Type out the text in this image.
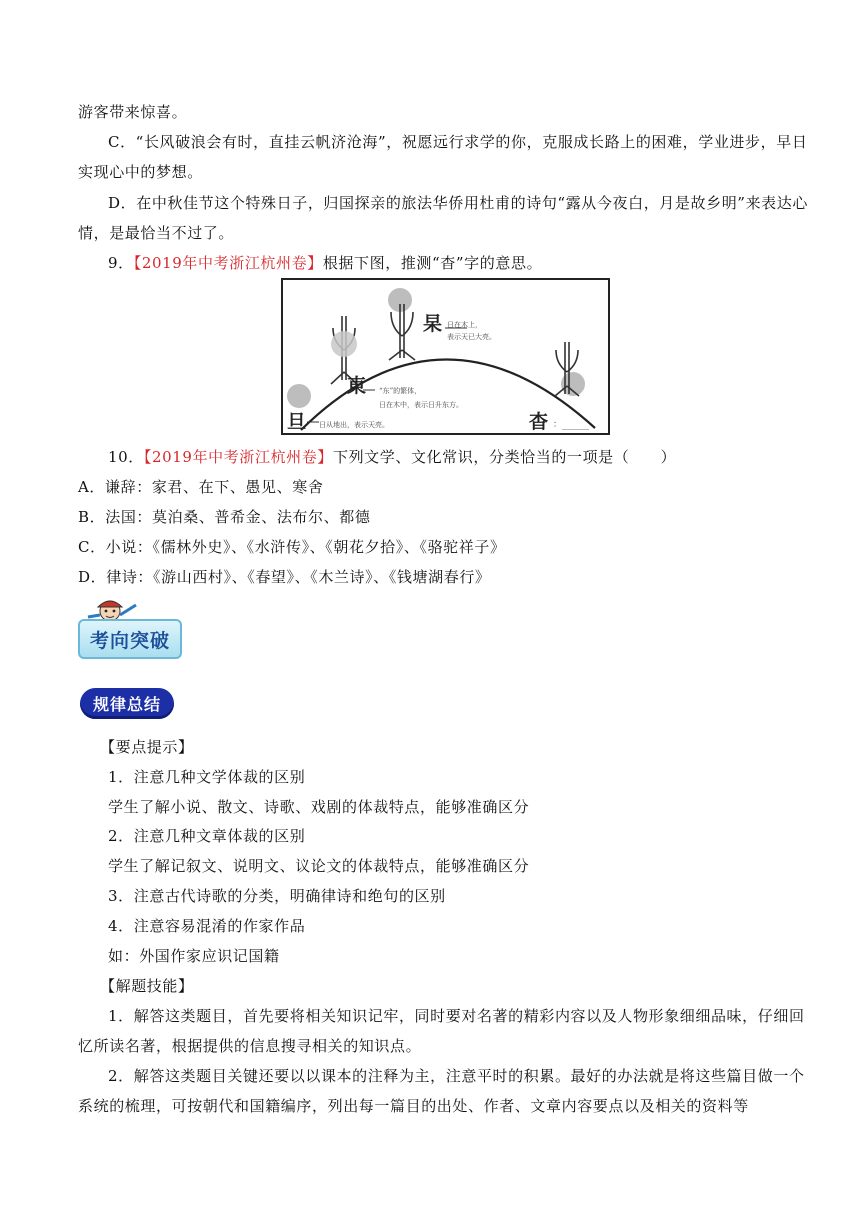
游客带来惊喜。
C．“长风破浪会有时，直挂云帆济沧海”，祝愿远行求学的你，克服成长路上的困难，学业进步，早日
实现心中的梦想。
D．在中秋佳节这个特殊日子，归国探亲的旅法华侨用杜甫的诗句“露从今夜白，月是故乡明”来表达心
情，是最恰当不过了。
9．【2019年中考浙江杭州卷】根据下图，推测“杳”字的意思。
杲 日在木上，
表示天已大亮。
東 “东”的繁体，
日在木中，表示日升东方。
旦 日从地出，表示天亮。	杳 ：______
10．【2019年中考浙江杭州卷】下列文学、文化常识，分类恰当的一项是（　　）
A．谦辞：家君、在下、愚见、寒舍
B．法国：莫泊桑、普希金、法布尔、都德
C．小说：《儒林外史》、《水浒传》、《朝花夕拾》、《骆驼祥子》
D．律诗：《游山西村》、《春望》、《木兰诗》、《钱塘湖春行》
考向突破
规律总结
【要点提示】
1．注意几种文学体裁的区别
学生了解小说、散文、诗歌、戏剧的体裁特点，能够准确区分
2．注意几种文章体裁的区别
学生了解记叙文、说明文、议论文的体裁特点，能够准确区分
3．注意古代诗歌的分类，明确律诗和绝句的区别
4．注意容易混淆的作家作品
如：外国作家应识记国籍
【解题技能】
1．解答这类题目，首先要将相关知识记牢，同时要对名著的精彩内容以及人物形象细细品味，仔细回
忆所读名著，根据提供的信息搜寻相关的知识点。
2．解答这类题目关键还要以以课本的注释为主，注意平时的积累。最好的办法就是将这些篇目做一个
系统的梳理，可按朝代和国籍编序，列出每一篇目的出处、作者、文章内容要点以及相关的资料等
